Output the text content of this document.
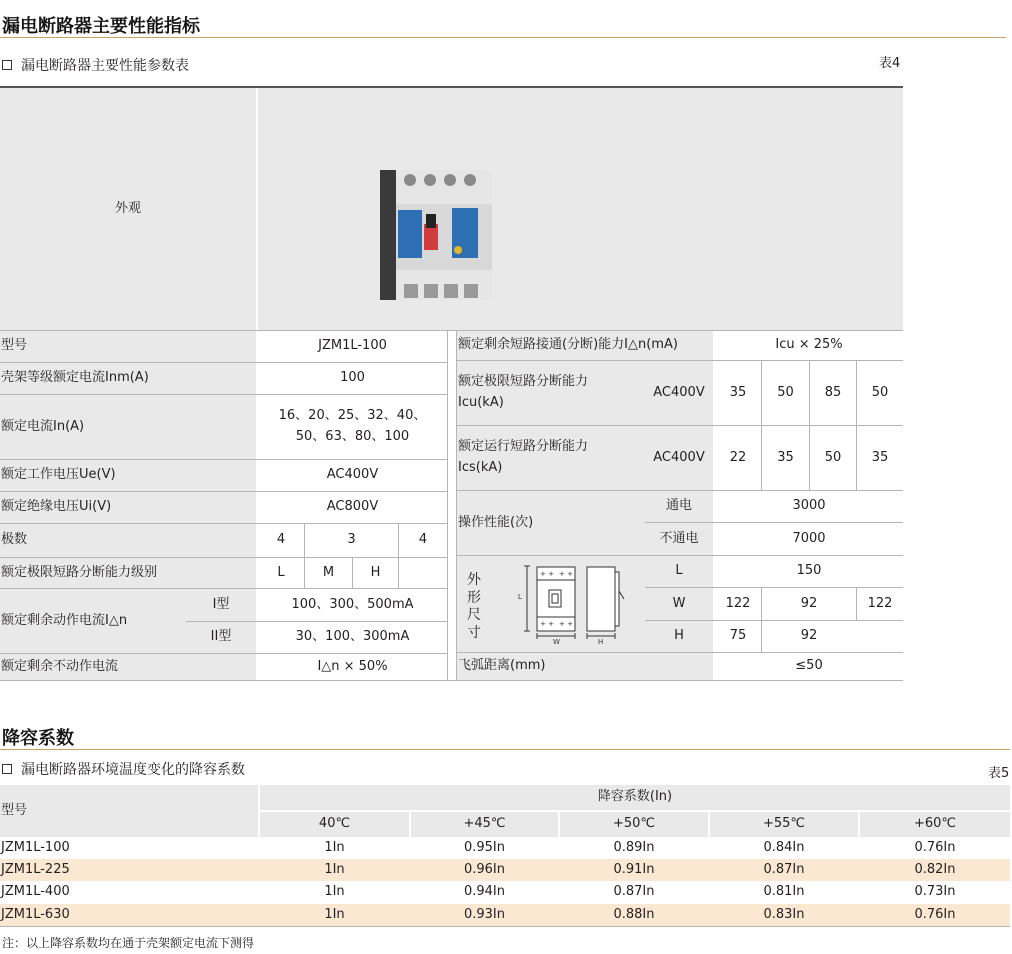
漏电断路器主要性能指标
漏电断路器主要性能参数表	表4
外观
型号	JZM1L-100
壳架等级额定电流Inm(A)	100
额定电流In(A)
16、20、25、32、40、
50、63、80、100
额定工作电压Ue(V)	AC400V
额定绝缘电压Ui(V)	AC800V
极数	4	3	4
额定极限短路分断能力级别	L	M	H
额定剩余动作电流I△n
I型	100、300、500mA
II型	30、100、300mA
额定剩余不动作电流	I△n × 50%
额定剩余短路接通(分断)能力I△n(mA)	Icu × 25%
额定极限短路分断能力
Icu(kA)
AC400V 35 50 85 50
额定运行短路分断能力
Ics(kA)
AC400V 22 35 50 35
操作性能(次)
通电	3000
不通电	7000
外
形
尺
寸
+ + + +
+ + + +
L
W	H
L	150
W	122	92	122
H	75	92
飞弧距离(mm)	≤50
降容系数
漏电断路器环境温度变化的降容系数	表5
型号
降容系数(In)
40℃	+45℃	+50℃	+55℃	+60℃
JZM1L-100	1In	0.95In	0.89In	0.84In	0.76In
JZM1L-225	1In	0.96In	0.91In	0.87In	0.82In
JZM1L-400	1In	0.94In	0.87In	0.81In	0.73In
JZM1L-630	1In	0.93In	0.88In	0.83In	0.76In
注：以上降容系数均在通于壳架额定电流下测得
